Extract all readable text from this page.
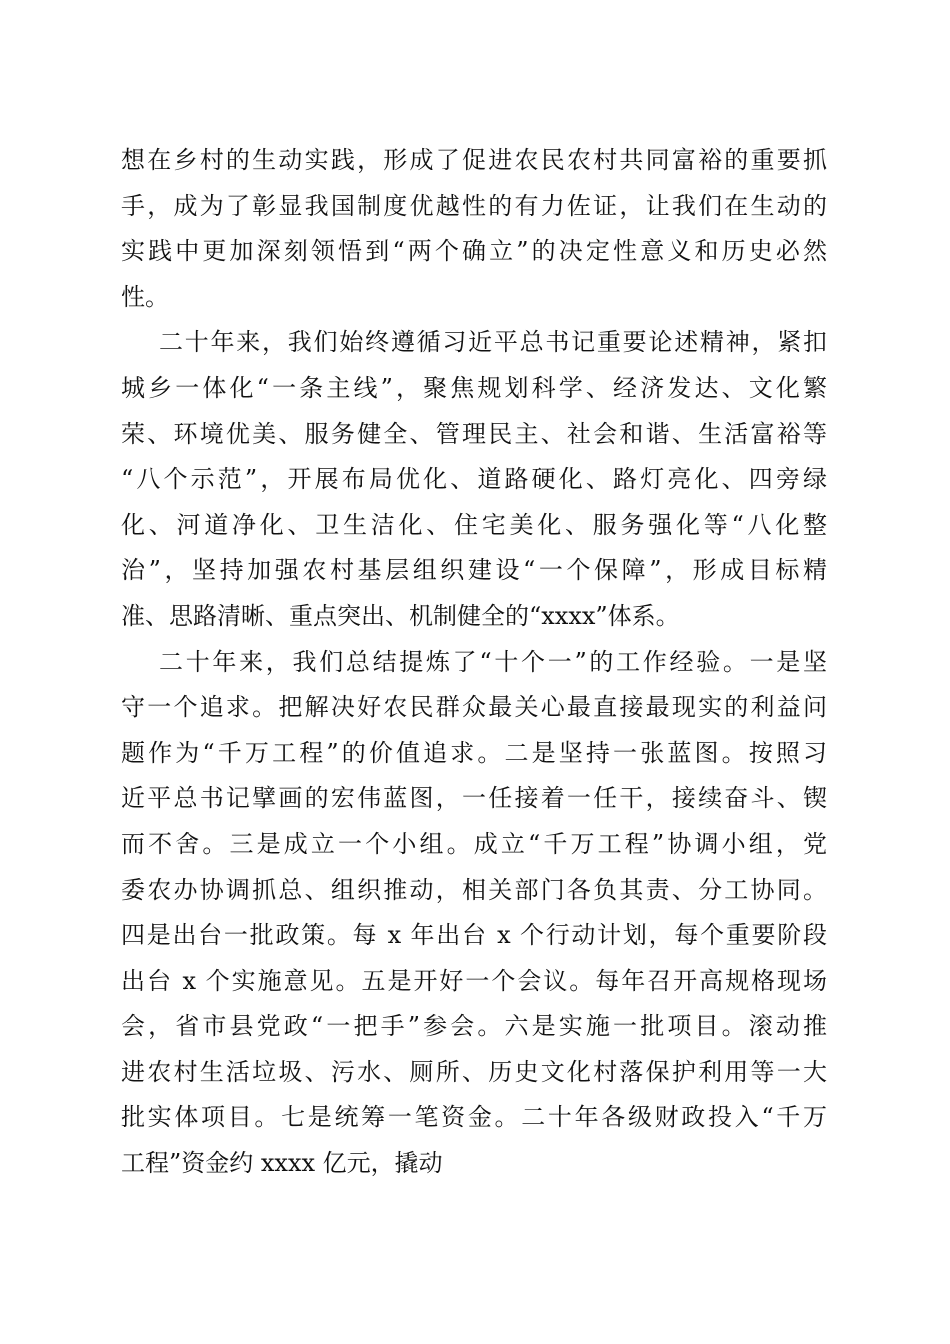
想在乡村的生动实践，形成了促进农民农村共同富裕的重要抓
手，成为了彰显我国制度优越性的有力佐证，让我们在生动的
实践中更加深刻领悟到“两个确立”的决定性意义和历史必然
性。
二十年来，我们始终遵循习近平总书记重要论述精神，紧扣
城乡一体化“一条主线”，聚焦规划科学、经济发达、文化繁
荣、环境优美、服务健全、管理民主、社会和谐、生活富裕等
“八个示范”，开展布局优化、道路硬化、路灯亮化、四旁绿
化、河道净化、卫生洁化、住宅美化、服务强化等“八化整
治”，坚持加强农村基层组织建设“一个保障”，形成目标精
准、思路清晰、重点突出、机制健全的“xxxx”体系。
二十年来，我们总结提炼了“十个一”的工作经验。一是坚
守一个追求。把解决好农民群众最关心最直接最现实的利益问
题作为“千万工程”的价值追求。二是坚持一张蓝图。按照习
近平总书记擘画的宏伟蓝图，一任接着一任干，接续奋斗、锲
而不舍。三是成立一个小组。成立“千万工程”协调小组，党
委农办协调抓总、组织推动，相关部门各负其责、分工协同。
四是出台一批政策。每 x 年出台 x 个行动计划，每个重要阶段
出台 x 个实施意见。五是开好一个会议。每年召开高规格现场
会，省市县党政“一把手”参会。六是实施一批项目。滚动推
进农村生活垃圾、污水、厕所、历史文化村落保护利用等一大
批实体项目。七是统筹一笔资金。二十年各级财政投入“千万
工程”资金约 xxxx 亿元，撬动
